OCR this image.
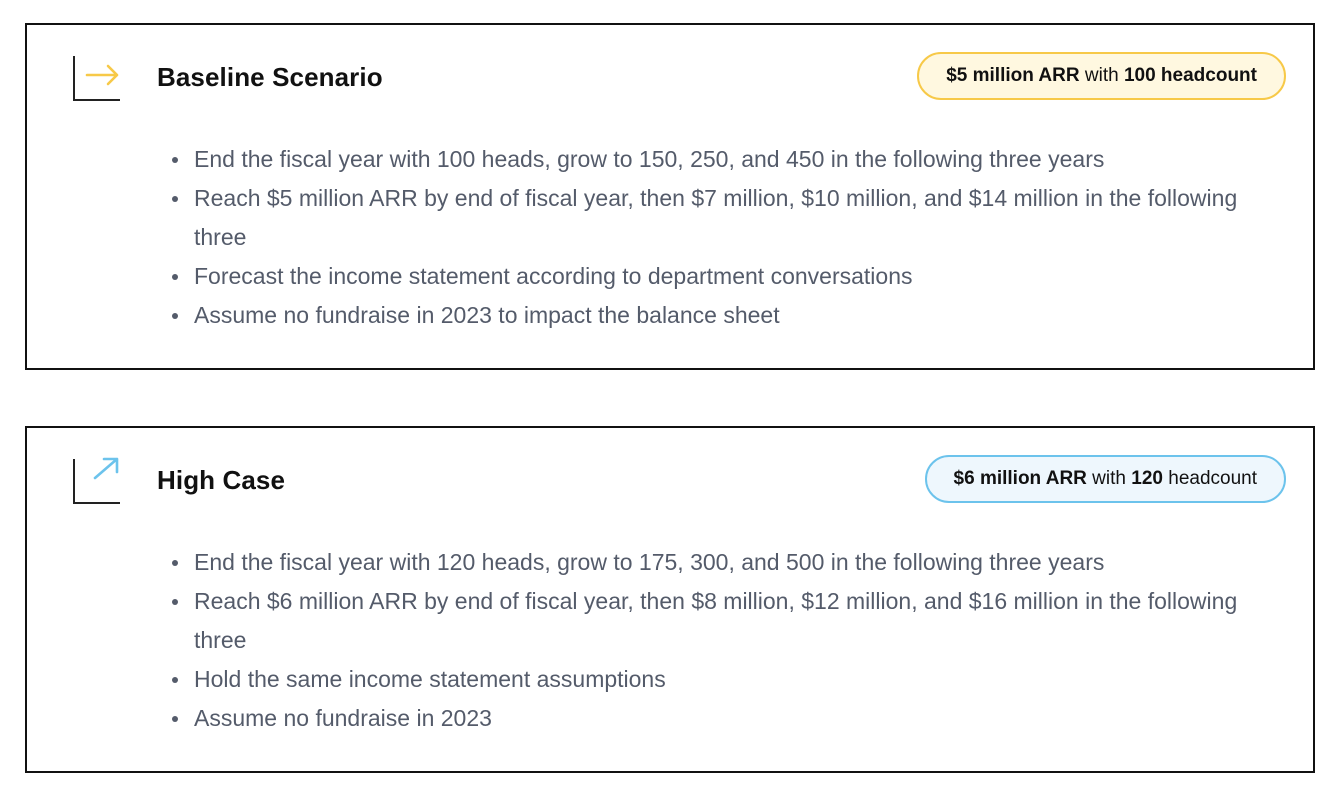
Baseline Scenario	$5 million ARR with 100 headcount
End the fiscal year with 100 heads, grow to 150, 250, and 450 in the following three years
Reach $5 million ARR by end of fiscal year, then $7 million, $10 million, and $14 million in the following three
Forecast the income statement according to department conversations
Assume no fundraise in 2023 to impact the balance sheet
High Case	$6 million ARR with 120 headcount
End the fiscal year with 120 heads, grow to 175, 300, and 500 in the following three years
Reach $6 million ARR by end of fiscal year, then $8 million, $12 million, and $16 million in the following three
Hold the same income statement assumptions
Assume no fundraise in 2023
